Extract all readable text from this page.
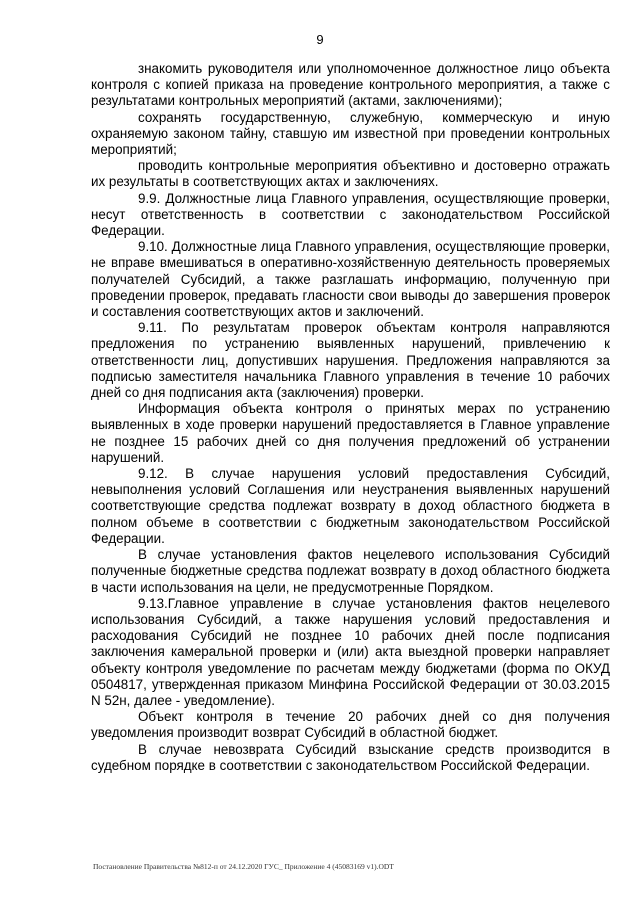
9

знакомить руководителя или уполномоченное должностное лицо объекта контроля с копией приказа на проведение контрольного мероприятия, а также с результатами контрольных мероприятий (актами, заключениями);

сохранять государственную, служебную, коммерческую и иную охраняемую законом тайну, ставшую им известной при проведении контрольных мероприятий;

проводить контрольные мероприятия объективно и достоверно отражать их результаты в соответствующих актах и заключениях.

9.9. Должностные лица Главного управления, осуществляющие проверки, несут ответственность в соответствии с законодательством Российской Федерации.

9.10. Должностные лица Главного управления, осуществляющие проверки, не вправе вмешиваться в оперативно-хозяйственную деятельность проверяемых получателей Субсидий, а также разглашать информацию, полученную при проведении проверок, предавать гласности свои выводы до завершения проверок и составления соответствующих актов и заключений.

9.11. По результатам проверок объектам контроля направляются предложения по устранению выявленных нарушений, привлечению к ответственности лиц, допустивших нарушения. Предложения направляются за подписью заместителя начальника Главного управления в течение 10 рабочих дней со дня подписания акта (заключения) проверки.

Информация объекта контроля о принятых мерах по устранению выявленных в ходе проверки нарушений предоставляется в Главное управление не позднее 15 рабочих дней со дня получения предложений об устранении нарушений.

9.12. В случае нарушения условий предоставления Субсидий, невыполнения условий Соглашения или неустранения выявленных нарушений соответствующие средства подлежат возврату в доход областного бюджета в полном объеме в соответствии с бюджетным законодательством Российской Федерации.

В случае установления фактов нецелевого использования Субсидий полученные бюджетные средства подлежат возврату в доход областного бюджета в части использования на цели, не предусмотренные Порядком.

9.13.Главное управление в случае установления фактов нецелевого использования Субсидий, а также нарушения условий предоставления и расходования Субсидий не позднее 10 рабочих дней после подписания заключения камеральной проверки и (или) акта выездной проверки направляет объекту контроля уведомление по расчетам между бюджетами (форма по ОКУД 0504817, утвержденная приказом Минфина Российской Федерации от 30.03.2015 N 52н, далее - уведомление).

Объект контроля в течение 20 рабочих дней со дня получения уведомления производит возврат Субсидий в областной бюджет.

В случае невозврата Субсидий взыскание средств производится в судебном порядке в соответствии с законодательством Российской Федерации.

Постановление Правительства №812-п от 24.12.2020 ГУС_ Приложение 4 (45083169 v1).ODT
